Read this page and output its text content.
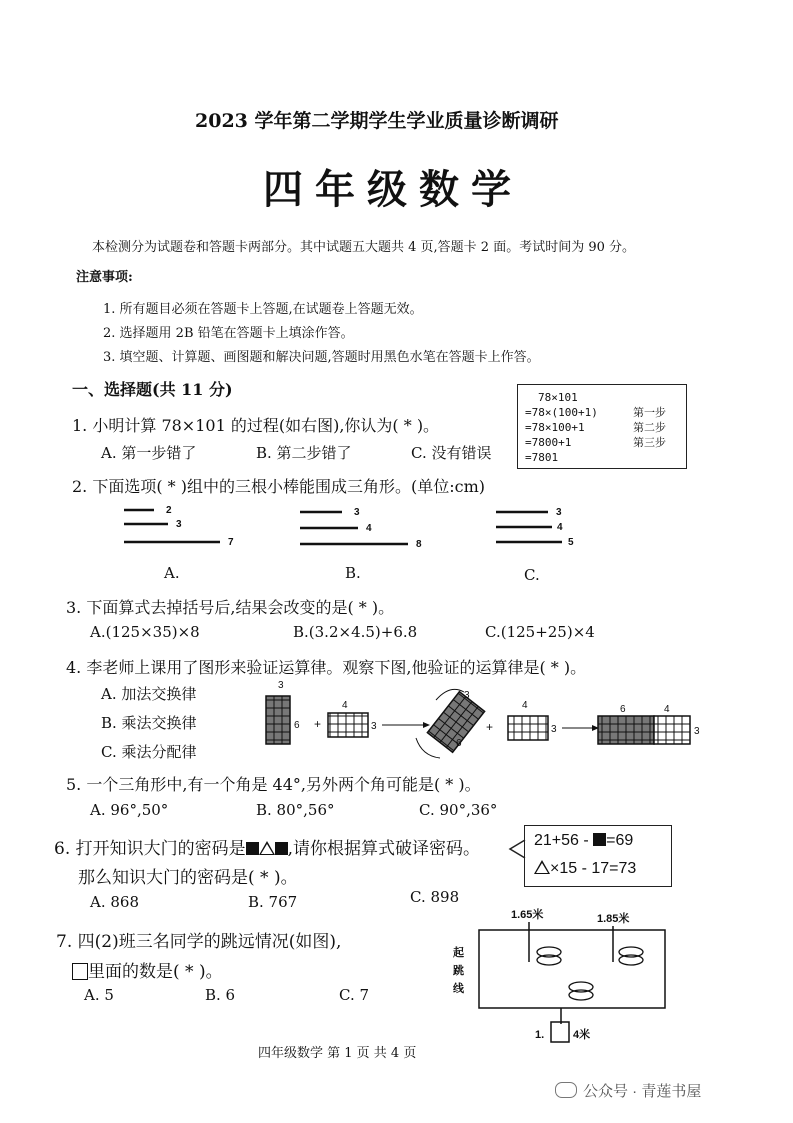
2023 学年第二学期学生学业质量诊断调研
四年级数学
本检测分为试题卷和答题卡两部分。其中试题五大题共 4 页,答题卡 2 面。考试时间为 90 分。
注意事项:
1. 所有题目必须在答题卡上答题,在试题卷上答题无效。
2. 选择题用 2B 铅笔在答题卡上填涂作答。
3. 填空题、计算题、画图题和解决问题,答题时用黑色水笔在答题卡上作答。
一、选择题(共 11 分)
1. 小明计算 78×101 的过程(如右图),你认为( * )。
A. 第一步错了	B. 第二步错了	C. 没有错误
78×101
=78×(100+1)
=78×100+1
=7800+1
=7801
第一步
第二步
第三步
2. 下面选项( * )组中的三根小棒能围成三角形。(单位:cm)
2
3
7
3
4
8
3
4
5
A.	B.	C.
3. 下面算式去掉括号后,结果会改变的是( * )。
A.(125×35)×8	B.(3.2×4.5)+6.8	C.(125+25)×4
4. 李老师上课用了图形来验证运算律。观察下图,他验证的运算律是( * )。
A. 加法交换律
B. 乘法交换律
C. 乘法分配律
3
6 +
4
3
3
6
+
4
3
6	4
3
5. 一个三角形中,有一个角是 44°,另外两个角可能是( * )。
A. 96°,50°	B. 80°,56°	C. 90°,36°
6. 打开知识大门的密码是 ,请你根据算式破译密码。	21+56 - =69
×15 - 17=73
那么知识大门的密码是( * )。
A. 868	B. 767	C. 898
7. 四(2)班三名同学的跳远情况(如图),
里面的数是( * )。
A. 5	B. 6	C. 7
起
跳
线
1.65米	1.85米
1.	4米
四年级数学 第 1 页 共 4 页
公众号 · 青莲书屋
